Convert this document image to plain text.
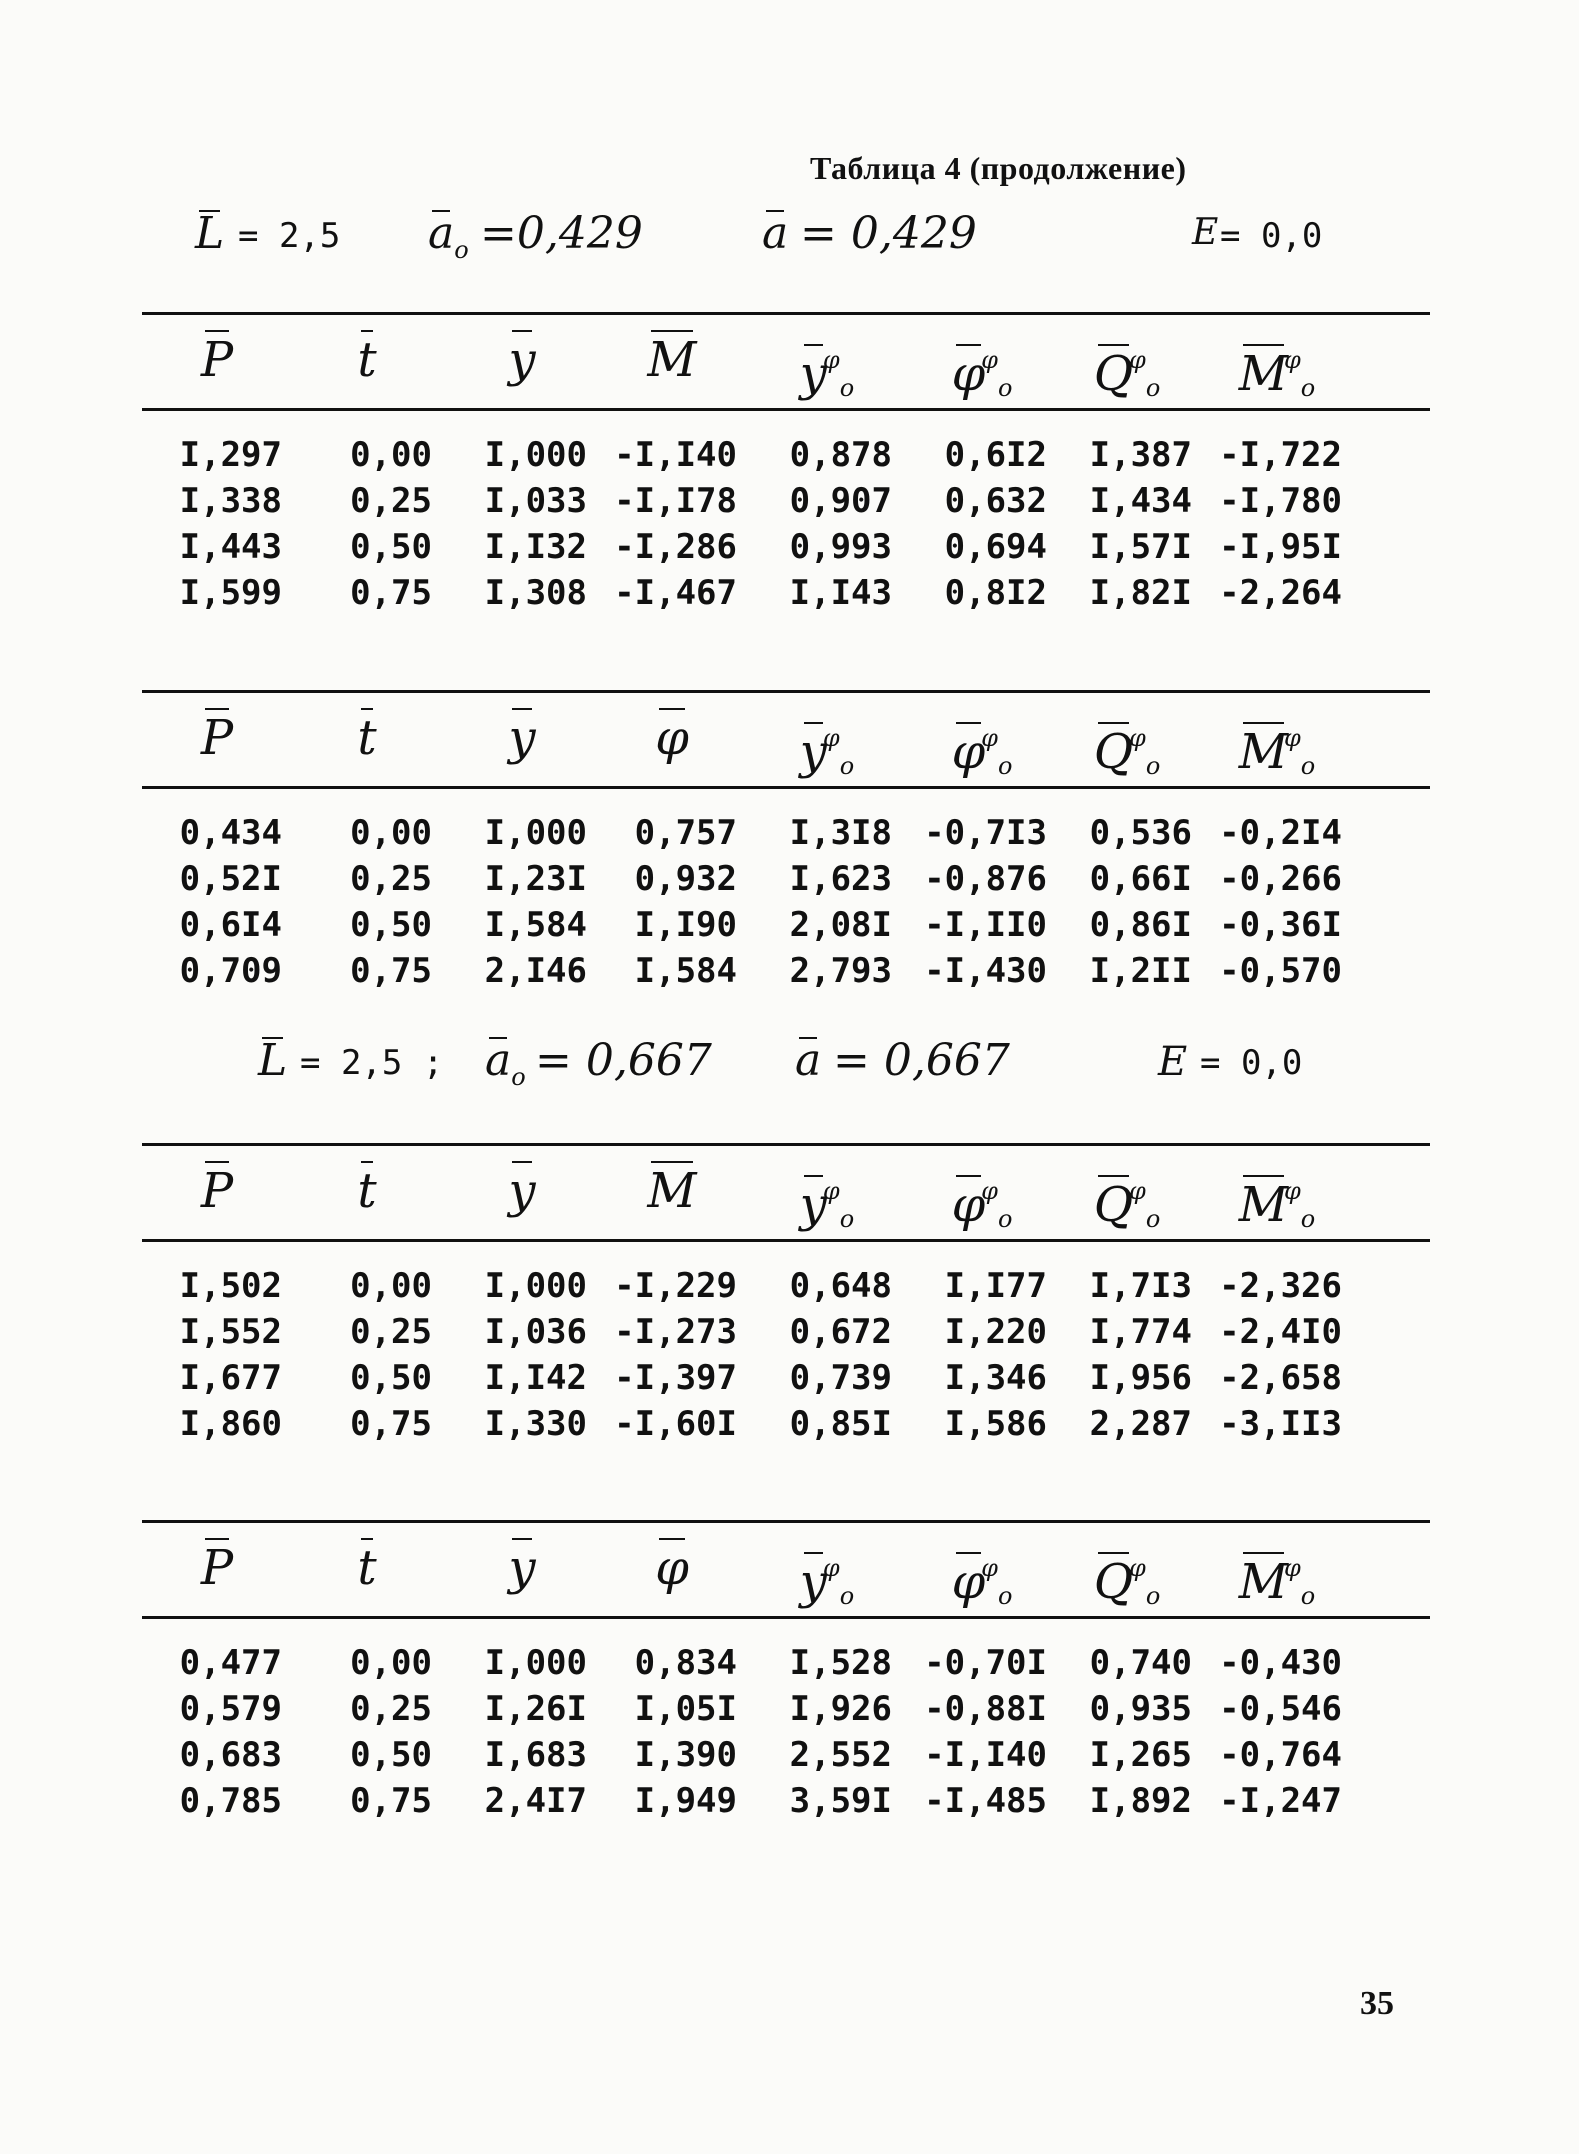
Таблица 4 (продолжение)
L = 2,5 $a_o =0,429$	a = 0,429	E = 0,0
L = 2,5 ; $a_o = 0,667$ a = 0,667	E = 0,0
P	t	y	M	$y^\varphi_o$	$\varphi^\varphi_o$	$Q^\varphi_o$	$M^\varphi_o$
I,297	0,00	I,000 -I,I40	0,878	0,6I2	I,387 -I,722
I,338	0,25	I,033 -I,I78	0,907	0,632	I,434 -I,780
I,443	0,50	I,I32 -I,286	0,993	0,694	I,57I -I,95I
I,599	0,75	I,308 -I,467	I,I43	0,8I2	I,82I -2,264
P	t	y	φ	$y^\varphi_o$	$\varphi^\varphi_o$	$Q^\varphi_o$	$M^\varphi_o$
0,434	0,00	I,000	0,757	I,3I8 -0,7I3	0,536 -0,2I4
0,52I	0,25	I,23I	0,932	I,623 -0,876	0,66I -0,266
0,6I4	0,50	I,584	I,I90	2,08I -I,II0	0,86I -0,36I
0,709	0,75	2,I46	I,584	2,793 -I,430	I,2II -0,570
P	t	y	M	$y^\varphi_o$	$\varphi^\varphi_o$	$Q^\varphi_o$	$M^\varphi_o$
I,502	0,00	I,000 -I,229	0,648	I,I77	I,7I3 -2,326
I,552	0,25	I,036 -I,273	0,672	I,220	I,774 -2,4I0
I,677	0,50	I,I42 -I,397	0,739	I,346	I,956 -2,658
I,860	0,75	I,330 -I,60I	0,85I	I,586	2,287 -3,II3
P	t	y	φ	$y^\varphi_o$	$\varphi^\varphi_o$	$Q^\varphi_o$	$M^\varphi_o$
0,477	0,00	I,000	0,834	I,528 -0,70I	0,740 -0,430
0,579	0,25	I,26I	I,05I	I,926 -0,88I	0,935 -0,546
0,683	0,50	I,683	I,390	2,552 -I,I40	I,265 -0,764
0,785	0,75	2,4I7	I,949	3,59I -I,485	I,892 -I,247
35
